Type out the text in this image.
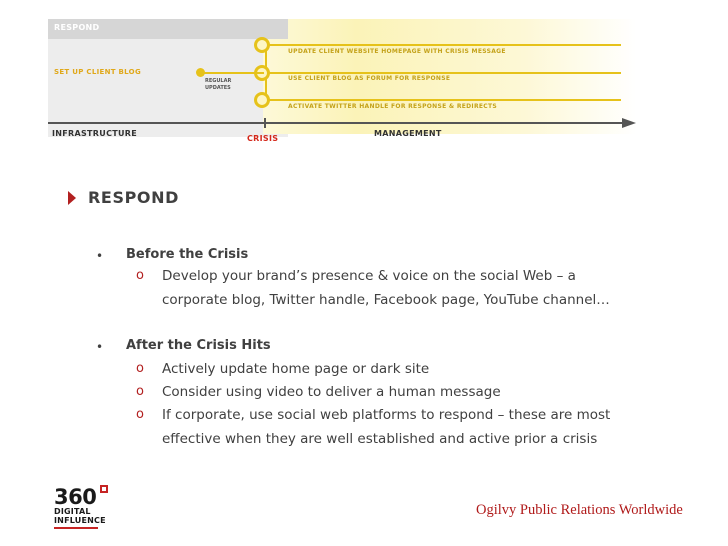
RESPOND
UPDATE CLIENT WEBSITE HOMEPAGE WITH CRISIS MESSAGE
USE CLIENT BLOG AS FORUM FOR RESPONSE
ACTIVATE TWITTER HANDLE FOR RESPONSE & REDIRECTS
SET UP CLIENT BLOG
REGULAR
UPDATES
INFRASTRUCTURE
CRISIS
MANAGEMENT
RESPOND
• Before the Crisis
o Develop your brand’s presence & voice on the social Web – a
corporate blog, Twitter handle, Facebook page, YouTube channel…
• After the Crisis Hits
o Actively update home page or dark site
o Consider using video to deliver a human message
o If corporate, use social web platforms to respond – these are most
effective when they are well established and active prior a crisis
360
DIGITAL
INFLUENCE
Ogilvy Public Relations Worldwide
